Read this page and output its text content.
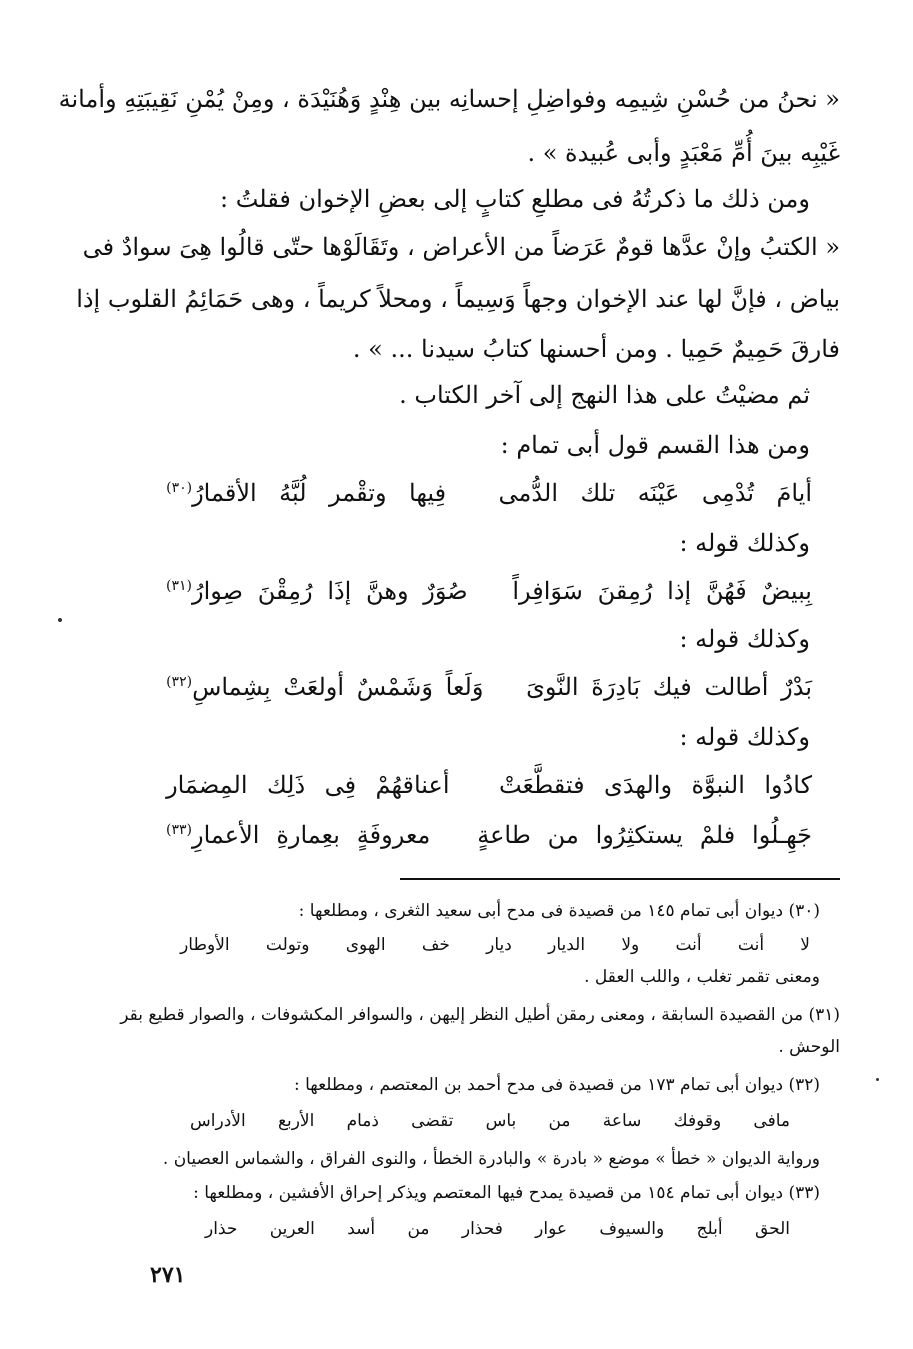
« نحنُ من حُسْنِ شِيمِه وفواضِلِ إحسانِه بين هِنْدٍ وَهُنَيْدَة ، ومِنْ يُمْنِ نَقِيبَتِهِ وأمانة
غَيْبِه بينَ أُمِّ مَعْبَدٍ وأبى عُبيدة » .
ومن ذلك ما ذكرتُهُ فى مطلعِ كتابٍ إلى بعضِ الإخوان فقلتُ :
« الكتبُ وإنْ عدَّها قومٌ عَرَضاً من الأعراض ، وتَقَالَوْها حتّى قالُوا هِىَ سوادٌ فى
بياض ، فإنَّ لها عند الإخوان وجهاً وَسِيماً ، ومحلاً كريماً ، وهى حَمَائِمُ القلوب إذا
فارقَ حَمِيمٌ حَمِيا . ومن أحسنها كتابُ سيدنا ... » .
ثم مضيْتُ على هذا النهج إلى آخر الكتاب .
ومن هذا القسم قول أبى تمام :
أيامَ
تُدْمِى
عَيْنَه
تلك
الدُّمى
فِيها
وتقْمر
لُبَّهُ
الأقمارُ$^{(٣٠)}$
وكذلك قوله :
بِبيضٌ
فَهُنَّ
إذا
رُمِقنَ
سَوَافِراً
صُوَرٌ
وهنَّ
إذَا
رُمِقْنَ
صِوارُ$^{(٣١)}$
وكذلك قوله :
بَدْرٌ
أطالت
فيك
بَادِرَةَ
النَّوىَ
وَلَعاً
وَشَمْسٌ
أولعَتْ
بِشِماسِ$^{(٣٢)}$
وكذلك قوله :
كادُوا
النبوَّة
والهدَى
فتقطَّعَتْ
أعناقهُمْ
فِى
ذَلِك
المِضمَار
جَهِـلُوا
فلمْ
يستكثِرُوا
من
طاعةٍ
معروفَةٍ
بعِمارةِ
الأعمارِ$^{(٣٣)}$
(٣٠) ديوان أبى تمام ١٤٥ من قصيدة فى مدح أبى سعيد الثغرى ، ومطلعها :
لا
أنت
أنت
ولا
الديار
ديار
خف
الهوى
وتولت
الأوطار
ومعنى تقمر تغلب ، واللب العقل .
(٣١) من القصيدة السابقة ، ومعنى رمقن أطيل النظر إليهن ، والسوافر المكشوفات ، والصوار قطيع بقر
الوحش .
(٣٢) ديوان أبى تمام ١٧٣ من قصيدة فى مدح أحمد بن المعتصم ، ومطلعها :
مافى
وقوفك
ساعة
من
باس
تقضى
ذمام
الأربع
الأدراس
ورواية الديوان « خطأ » موضع « بادرة » والبادرة الخطأ ، والنوى الفراق ، والشماس العصيان .
(٣٣) ديوان أبى تمام ١٥٤ من قصيدة يمدح فيها المعتصم ويذكر إحراق الأفشين ، ومطلعها :
الحق
أبلج
والسيوف
عوار
فحذار
من
أسد
العرين
حذار
٢٧١
